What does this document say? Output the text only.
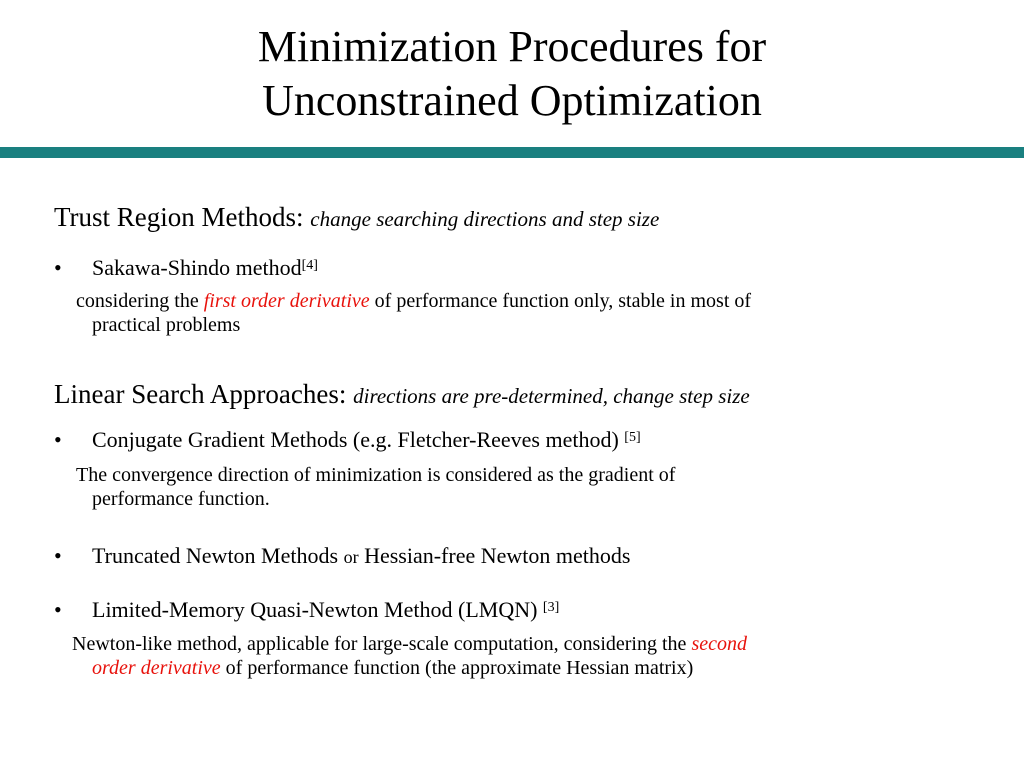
Minimization Procedures for
Unconstrained Optimization
Trust Region Methods: change searching directions and step size
• Sakawa-Shindo method[4]
considering the first order derivative of performance function only, stable in most of
practical problems
Linear Search Approaches: directions are pre-determined, change step size
• Conjugate Gradient Methods (e.g. Fletcher-Reeves method) [5]
The convergence direction of minimization is considered as the gradient of
performance function.
• Truncated Newton Methods or Hessian-free Newton methods
• Limited-Memory Quasi-Newton Method (LMQN) [3]
Newton-like method, applicable for large-scale computation, considering the second
order derivative of performance function (the approximate Hessian matrix)
